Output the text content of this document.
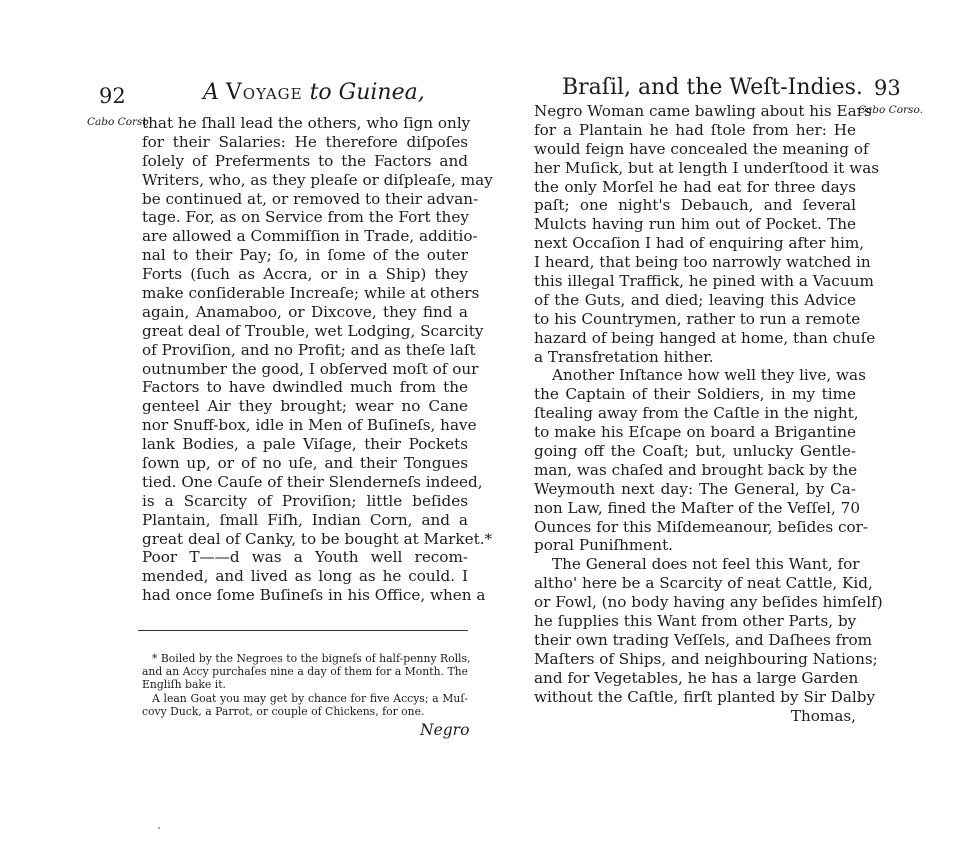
92	A Voyage to Guinea,
Cabo Corso.
that he ſhall lead the others, who ſign only
for their Salaries: He therefore diſpoſes
ſolely of Preferments to the Factors and
Writers, who, as they pleaſe or diſpleaſe, may
be continued at, or removed to their advan-
tage. For, as on Service from the Fort they
are allowed a Commiſſion in Trade, additio-
nal to their Pay; ſo, in ſome of the outer
Forts (ſuch as Accra, or in a Ship) they
make conſiderable Increaſe; while at others
again, Anamaboo, or Dixcove, they find a
great deal of Trouble, wet Lodging, Scarcity
of Proviſion, and no Profit; and as theſe laſt
outnumber the good, I obſerved moſt of our
Factors to have dwindled much from the
genteel Air they brought; wear no Cane
nor Snuff-box, idle in Men of Buſineſs, have
lank Bodies, a pale Viſage, their Pockets
ſown up, or of no uſe, and their Tongues
tied. One Cauſe of their Slenderneſs indeed,
is a Scarcity of Proviſion; little beſides
Plantain, ſmall Fiſh, Indian Corn, and a
great deal of Canky, to be bought at Market.*
Poor T——d was a Youth well recom-
mended, and lived as long as he could. I
had once ſome Buſineſs in his Office, when a
* Boiled by the Negroes to the bigneſs of half-penny Rolls,
and an Accy purchaſes nine a day of them for a Month. The
Engliſh bake it.
A lean Goat you may get by chance for five Accys; a Muſ-
covy Duck, a Parrot, or couple of Chickens, for one.
Negro
Braſil, and the Weſt-Indies. 93
Cabo Corso.
Negro Woman came bawling about his Ears
for a Plantain he had ſtole from her: He
would feign have concealed the meaning of
her Muſick, but at length I underſtood it was
the only Morſel he had eat for three days
paſt; one night's Debauch, and ſeveral
Mulcts having run him out of Pocket. The
next Occaſion I had of enquiring after him,
I heard, that being too narrowly watched in
this illegal Traffick, he pined with a Vacuum
of the Guts, and died; leaving this Advice
to his Countrymen, rather to run a remote
hazard of being hanged at home, than chuſe
a Transfretation hither.
Another Inſtance how well they live, was
the Captain of their Soldiers, in my time
ſtealing away from the Caſtle in the night,
to make his Eſcape on board a Brigantine
going off the Coaſt; but, unlucky Gentle-
man, was chaſed and brought back by the
Weymouth next day: The General, by Ca-
non Law, fined the Maſter of the Veſſel, 70
Ounces for this Miſdemeanour, beſides cor-
poral Puniſhment.
The General does not feel this Want, for
altho' here be a Scarcity of neat Cattle, Kid,
or Fowl, (no body having any beſides himſelf)
he ſupplies this Want from other Parts, by
their own trading Veſſels, and Daſhees from
Maſters of Ships, and neighbouring Nations;
and for Vegetables, he has a large Garden
without the Caſtle, firſt planted by Sir Dalby
Thomas,
